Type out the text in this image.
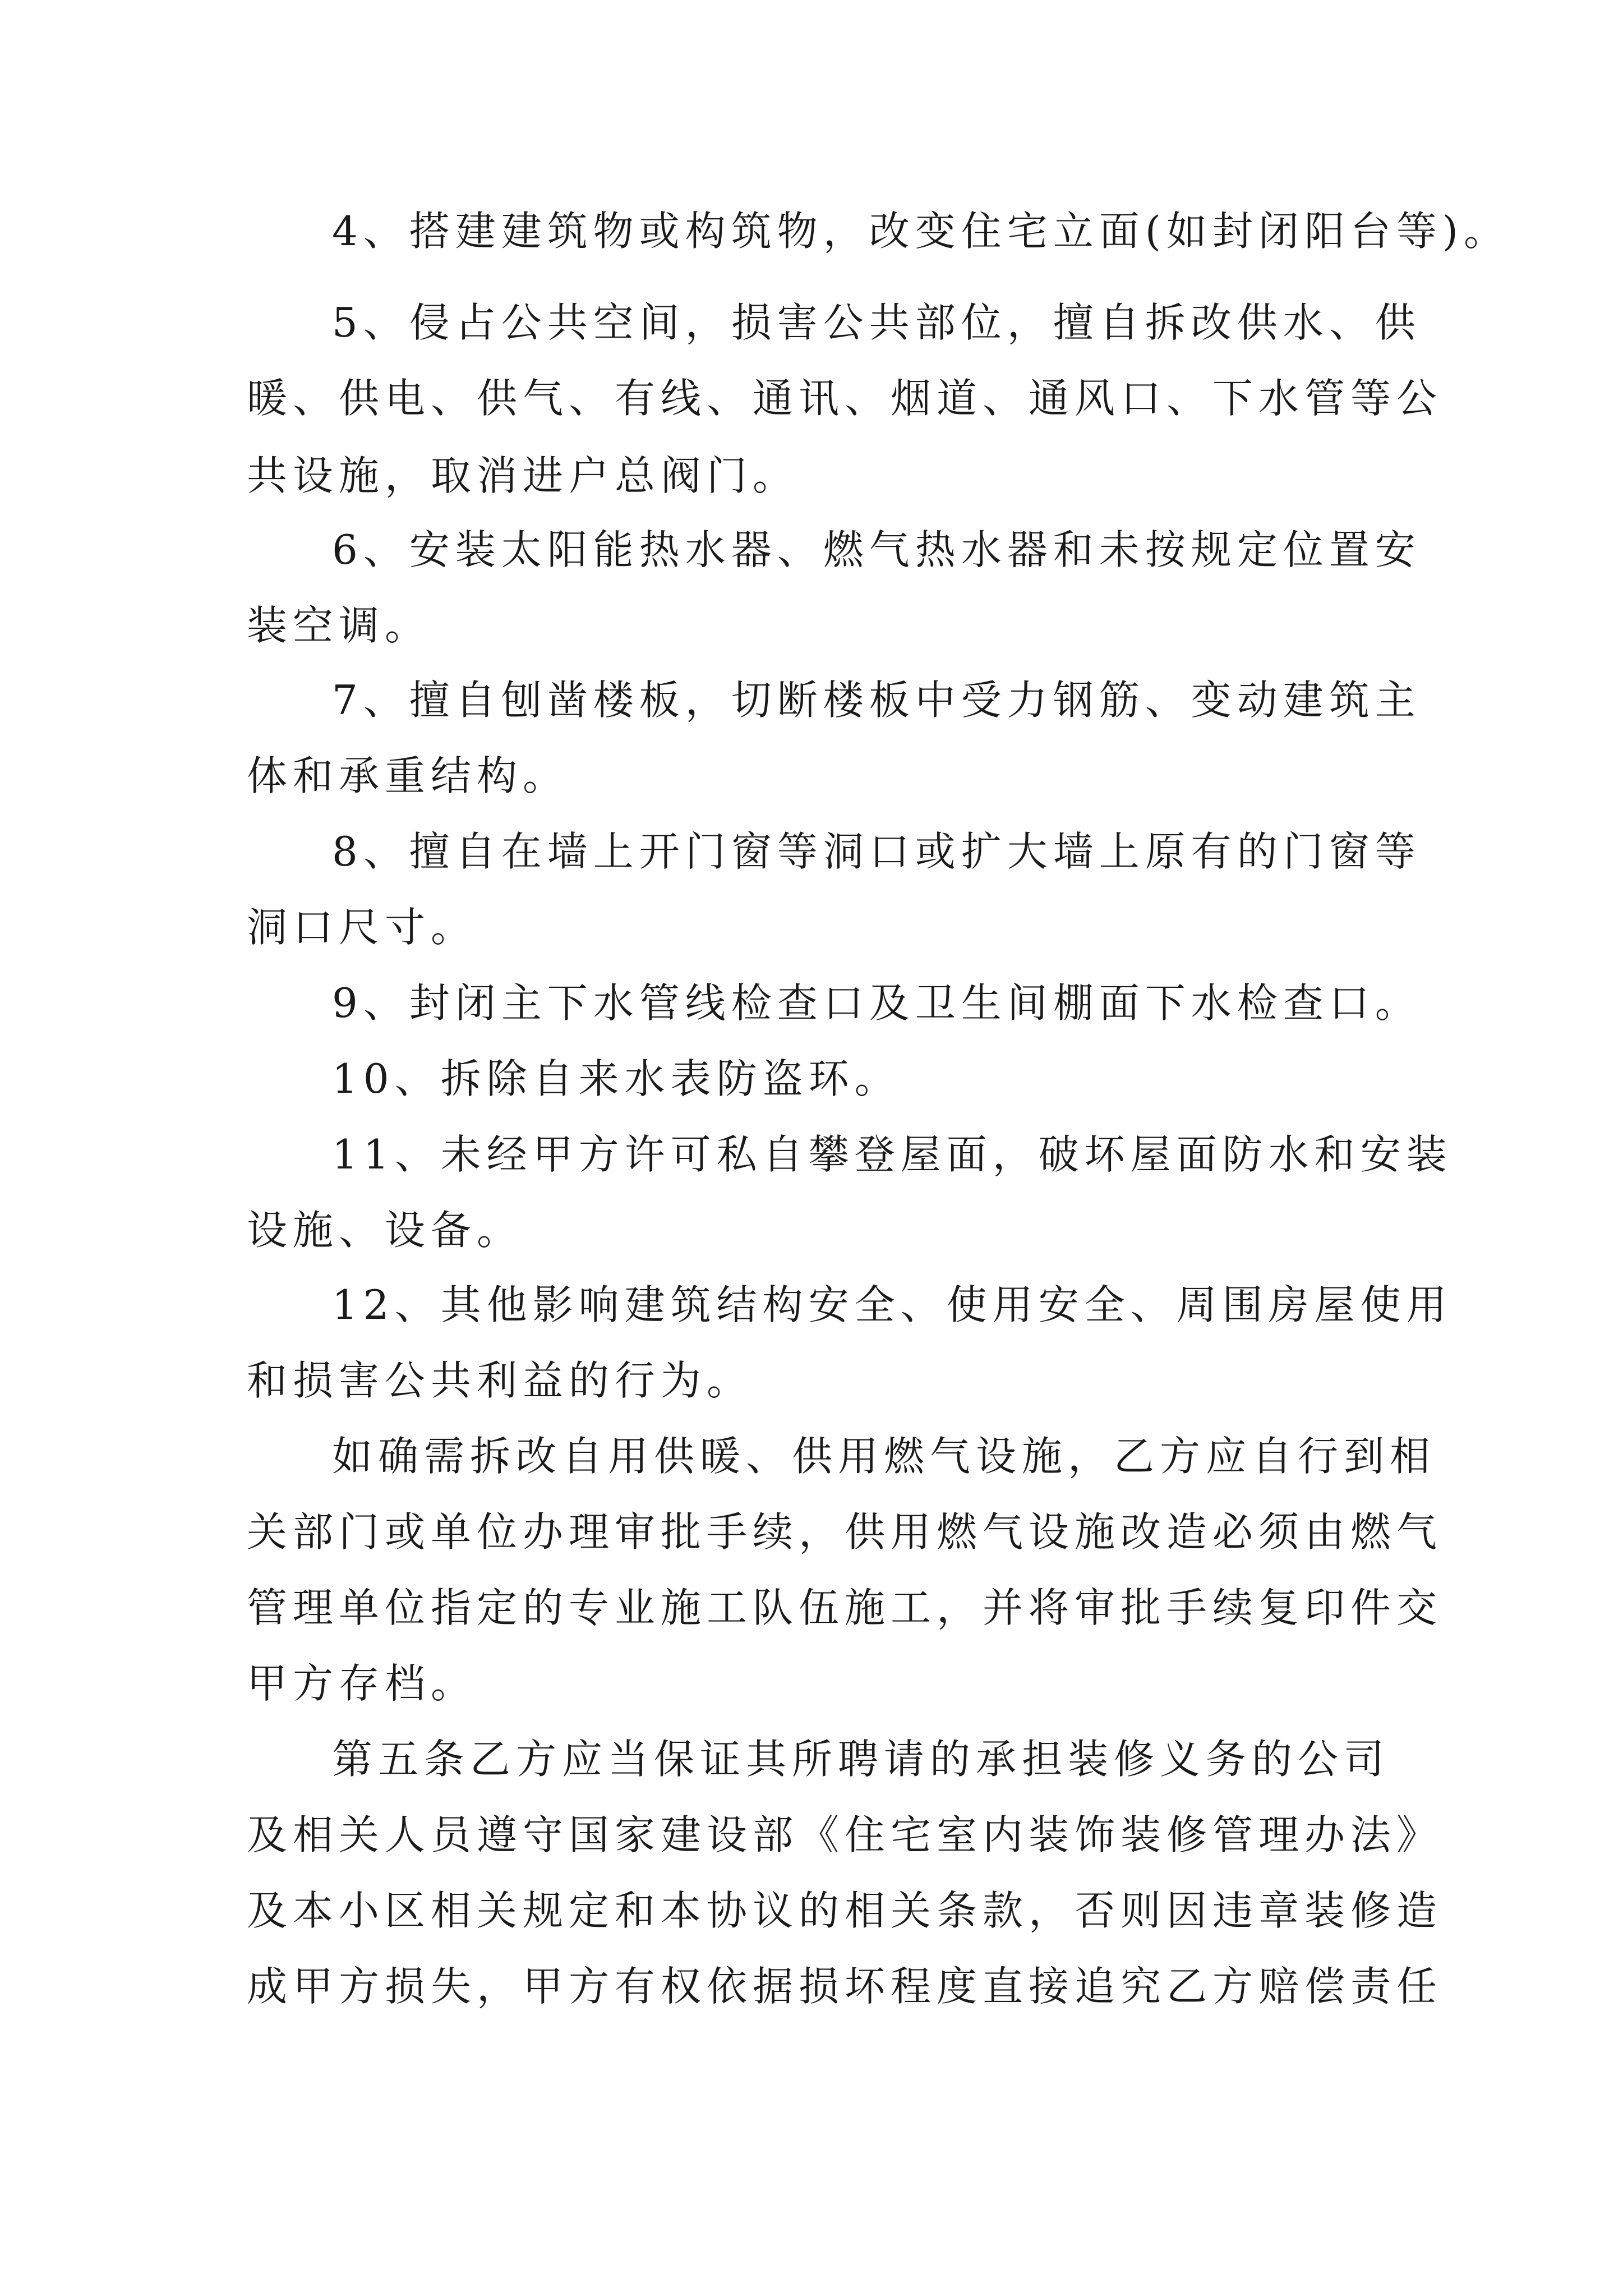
4、搭建建筑物或构筑物，改变住宅立面(如封闭阳台等)。
5、侵占公共空间，损害公共部位，擅自拆改供水、供
暖、供电、供气、有线、通讯、烟道、通风口、下水管等公
共设施，取消进户总阀门。
6、安装太阳能热水器、燃气热水器和未按规定位置安
装空调。
7、擅自刨凿楼板，切断楼板中受力钢筋、变动建筑主
体和承重结构。
8、擅自在墙上开门窗等洞口或扩大墙上原有的门窗等
洞口尺寸。
9、封闭主下水管线检查口及卫生间棚面下水检查口。
10、拆除自来水表防盗环。
11、未经甲方许可私自攀登屋面，破坏屋面防水和安装
设施、设备。
12、其他影响建筑结构安全、使用安全、周围房屋使用
和损害公共利益的行为。
如确需拆改自用供暖、供用燃气设施，乙方应自行到相
关部门或单位办理审批手续，供用燃气设施改造必须由燃气
管理单位指定的专业施工队伍施工，并将审批手续复印件交
甲方存档。
第五条乙方应当保证其所聘请的承担装修义务的公司
及相关人员遵守国家建设部《住宅室内装饰装修管理办法》
及本小区相关规定和本协议的相关条款，否则因违章装修造
成甲方损失，甲方有权依据损坏程度直接追究乙方赔偿责任
